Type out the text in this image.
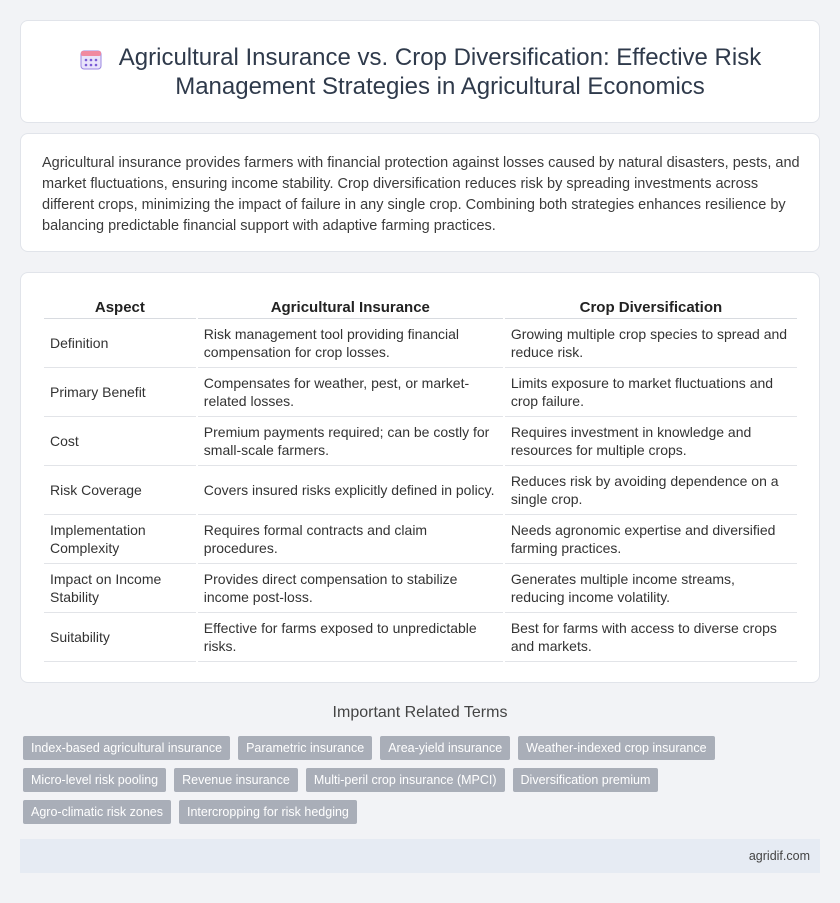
Agricultural Insurance vs. Crop Diversification: Effective Risk Management Strategies in Agricultural Economics

Agricultural insurance provides farmers with financial protection against losses caused by natural disasters, pests, and market fluctuations, ensuring income stability. Crop diversification reduces risk by spreading investments across different crops, minimizing the impact of failure in any single crop. Combining both strategies enhances resilience by balancing predictable financial support with adaptive farming practices.

Aspect	Agricultural Insurance	Crop Diversification
Definition	Risk management tool providing financial compensation for crop losses.	Growing multiple crop species to spread and reduce risk.
Primary Benefit	Compensates for weather, pest, or market-related losses.	Limits exposure to market fluctuations and crop failure.
Cost	Premium payments required; can be costly for small-scale farmers.	Requires investment in knowledge and resources for multiple crops.
Risk Coverage	Covers insured risks explicitly defined in policy.	Reduces risk by avoiding dependence on a single crop.
Implementation Complexity	Requires formal contracts and claim procedures.	Needs agronomic expertise and diversified farming practices.
Impact on Income Stability	Provides direct compensation to stabilize income post-loss.	Generates multiple income streams, reducing income volatility.
Suitability	Effective for farms exposed to unpredictable risks.	Best for farms with access to diverse crops and markets.
Important Related Terms
Index-based agricultural insurance	Parametric insurance	Area-yield insurance	Weather-indexed crop insurance
Micro-level risk pooling	Revenue insurance	Multi-peril crop insurance (MPCI)	Diversification premium
Agro-climatic risk zones	Intercropping for risk hedging
agridif.com
